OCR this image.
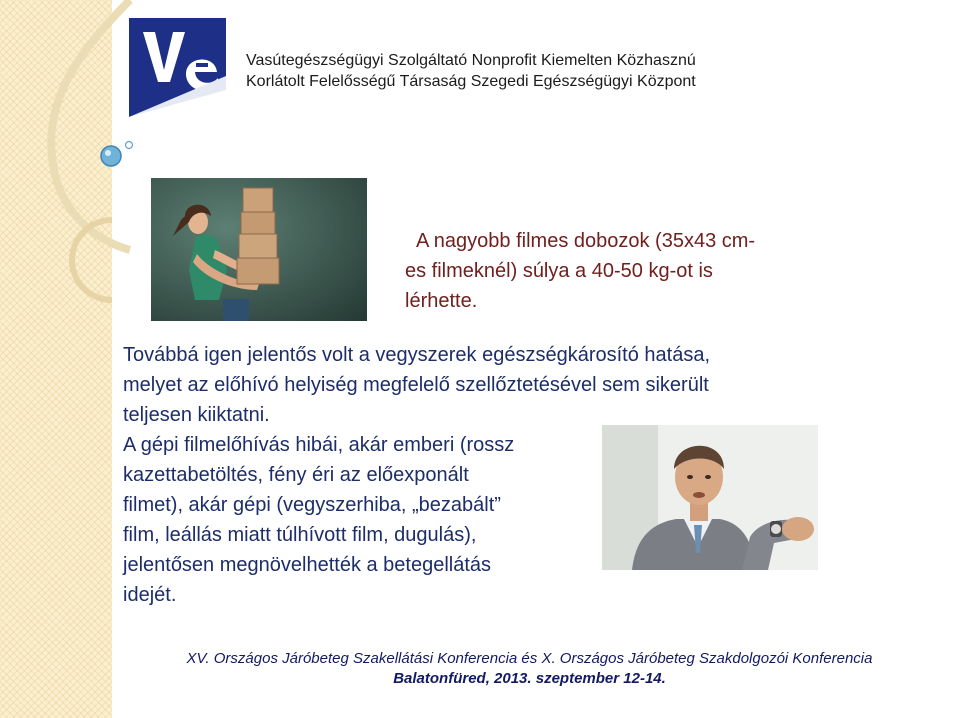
Vasútegészségügyi Szolgáltató Nonprofit Kiemelten Közhasznú
Korlátolt Felelősségű Társaság Szegedi Egészségügyi Központ
A nagyobb filmes dobozok (35x43 cm-
es filmeknél) súlya a 40-50 kg-ot is
lérhette.
Továbbá igen jelentős volt a vegyszerek egészségkárosító hatása,
melyet az előhívó helyiség megfelelő szellőztetésével sem sikerült
teljesen kiiktatni.
A gépi filmelőhívás hibái, akár emberi (rossz
kazettabetöltés, fény éri az előexponált
filmet), akár gépi (vegyszerhiba, „bezabált”
film, leállás miatt túlhívott film, dugulás),
jelentősen megnövelhették a betegellátás
idejét.
XV. Országos Járóbeteg Szakellátási Konferencia és X. Országos Járóbeteg Szakdolgozói Konferencia
Balatonfüred, 2013. szeptember 12-14.
